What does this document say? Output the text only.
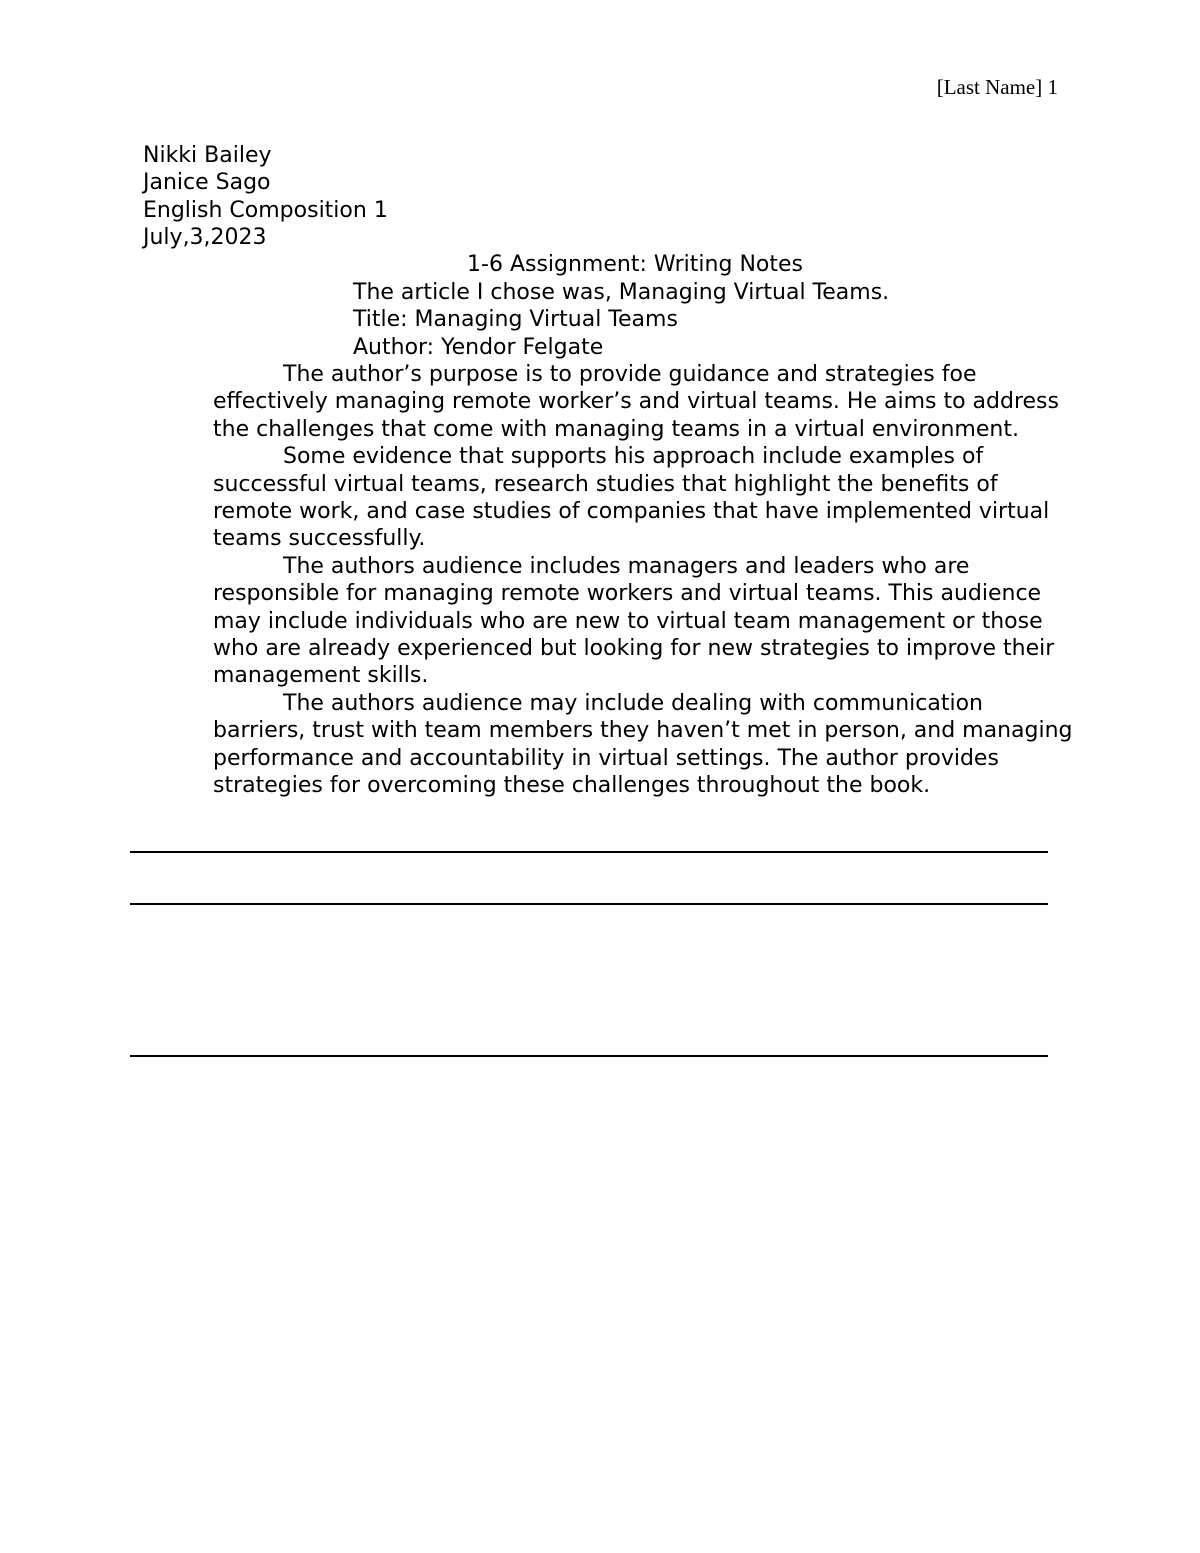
[Last Name] 1
Nikki Bailey
Janice Sago
English Composition 1
July,3,2023
1-6 Assignment: Writing Notes
The article I chose was, Managing Virtual Teams.
Title: Managing Virtual Teams
Author: Yendor Felgate

The author’s purpose is to provide guidance and strategies foe effectively managing remote worker’s and virtual teams. He aims to address the challenges that come with managing teams in a virtual environment.

Some evidence that supports his approach include examples of successful virtual teams, research studies that highlight the benefits of remote work, and case studies of companies that have implemented virtual teams successfully.

The authors audience includes managers and leaders who are responsible for managing remote workers and virtual teams. This audience may include individuals who are new to virtual team management or those who are already experienced but looking for new strategies to improve their management skills.

The authors audience may include dealing with communication barriers, trust with team members they haven’t met in person, and managing performance and accountability in virtual settings. The author provides strategies for overcoming these challenges throughout the book.
